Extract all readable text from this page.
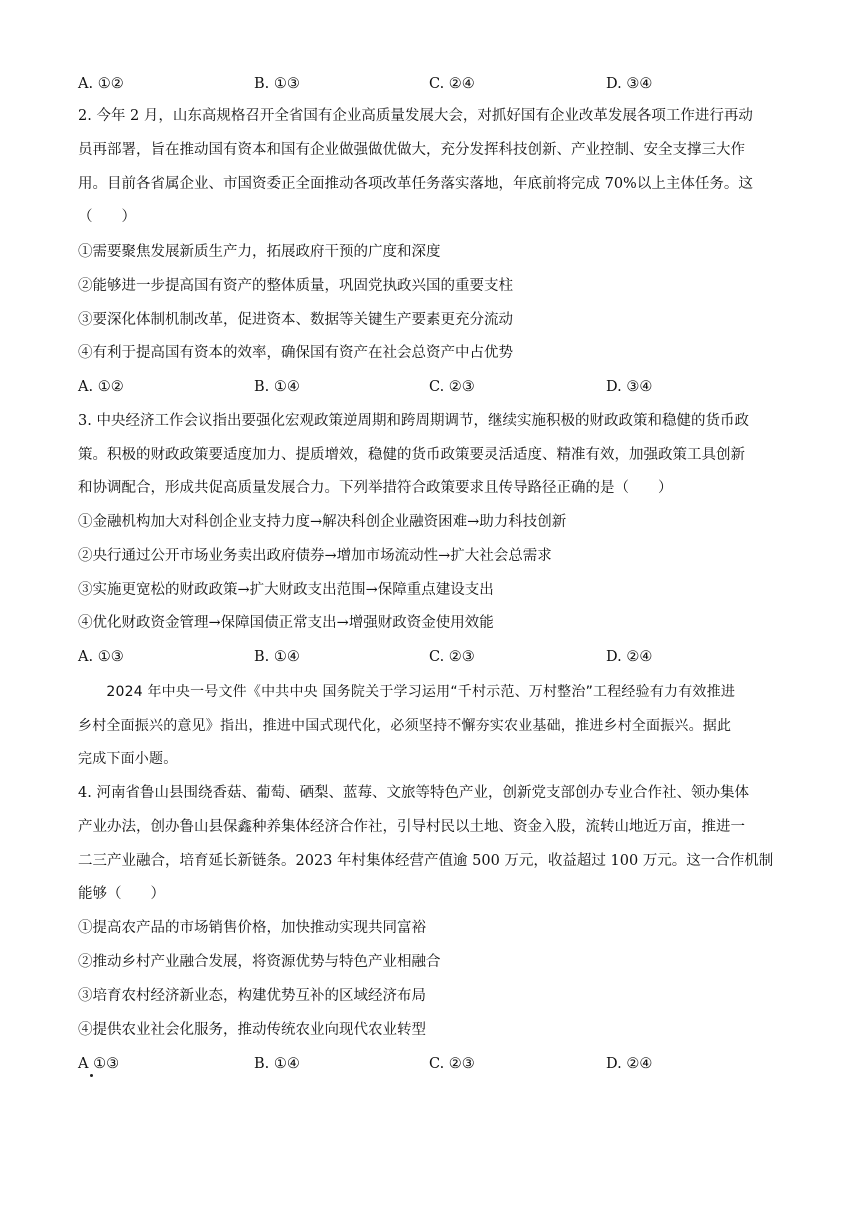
A. ①②	B. ①③	C. ②④	D. ③④
2. 今年 2 月，山东高规格召开全省国有企业高质量发展大会，对抓好国有企业改革发展各项工作进行再动
员再部署，旨在推动国有资本和国有企业做强做优做大，充分发挥科技创新、产业控制、安全支撑三大作
用。目前各省属企业、市国资委正全面推动各项改革任务落实落地，年底前将完成 70%以上主体任务。这
（　　）
①需要聚焦发展新质生产力，拓展政府干预的广度和深度
②能够进一步提高国有资产的整体质量，巩固党执政兴国的重要支柱
③要深化体制机制改革，促进资本、数据等关键生产要素更充分流动
④有利于提高国有资本的效率，确保国有资产在社会总资产中占优势
A. ①②	B. ①④	C. ②③	D. ③④
3. 中央经济工作会议指出要强化宏观政策逆周期和跨周期调节，继续实施积极的财政政策和稳健的货币政
策。积极的财政政策要适度加力、提质增效，稳健的货币政策要灵活适度、精准有效，加强政策工具创新
和协调配合，形成共促高质量发展合力。下列举措符合政策要求且传导路径正确的是（　　）
①金融机构加大对科创企业支持力度→解决科创企业融资困难→助力科技创新
②央行通过公开市场业务卖出政府债券→增加市场流动性→扩大社会总需求
③实施更宽松的财政政策→扩大财政支出范围→保障重点建设支出
④优化财政资金管理→保障国债正常支出→增强财政资金使用效能
A. ①③	B. ①④	C. ②③	D. ②④
　　2024 年中央一号文件《中共中央 国务院关于学习运用“千村示范、万村整治”工程经验有力有效推进
乡村全面振兴的意见》指出，推进中国式现代化，必须坚持不懈夯实农业基础，推进乡村全面振兴。据此
完成下面小题。
4. 河南省鲁山县围绕香菇、葡萄、硒梨、蓝莓、文旅等特色产业，创新党支部创办专业合作社、领办集体
产业办法，创办鲁山县保鑫种养集体经济合作社，引导村民以土地、资金入股，流转山地近万亩，推进一
二三产业融合，培育延长新链条。2023 年村集体经营产值逾 500 万元，收益超过 100 万元。这一合作机制
能够（　　）
①提高农产品的市场销售价格，加快推动实现共同富裕
②推动乡村产业融合发展，将资源优势与特色产业相融合
③培育农村经济新业态，构建优势互补的区域经济布局
④提供农业社会化服务，推动传统农业向现代农业转型
A ①③	B. ①④	C. ②③	D. ②④
